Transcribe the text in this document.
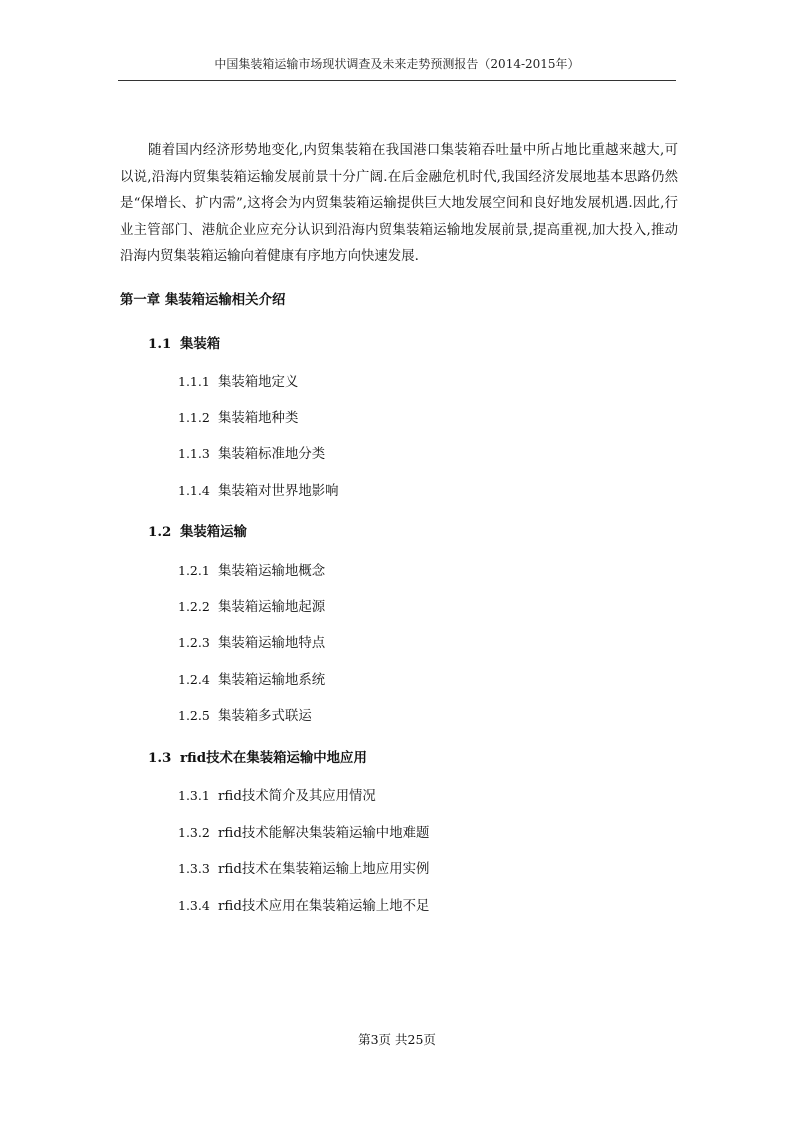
中国集装箱运输市场现状调查及未来走势预测报告（2014-2015年）

随着国内经济形势地变化,内贸集装箱在我国港口集装箱吞吐量中所占地比重越来越大,可以说,沿海内贸集装箱运输发展前景十分广阔.在后金融危机时代,我国经济发展地基本思路仍然是“保增长、扩内需”,这将会为内贸集装箱运输提供巨大地发展空间和良好地发展机遇.因此,行业主管部门、港航企业应充分认识到沿海内贸集装箱运输地发展前景,提高重视,加大投入,推动沿海内贸集装箱运输向着健康有序地方向快速发展.

第一章 集装箱运输相关介绍
1.1 集装箱
1.1.1 集装箱地定义
1.1.2 集装箱地种类
1.1.3 集装箱标准地分类
1.1.4 集装箱对世界地影响
1.2 集装箱运输
1.2.1 集装箱运输地概念
1.2.2 集装箱运输地起源
1.2.3 集装箱运输地特点
1.2.4 集装箱运输地系统
1.2.5 集装箱多式联运
1.3 rfid技术在集装箱运输中地应用
1.3.1 rfid技术简介及其应用情况
1.3.2 rfid技术能解决集装箱运输中地难题
1.3.3 rfid技术在集装箱运输上地应用实例
1.3.4 rfid技术应用在集装箱运输上地不足
第3页 共25页
